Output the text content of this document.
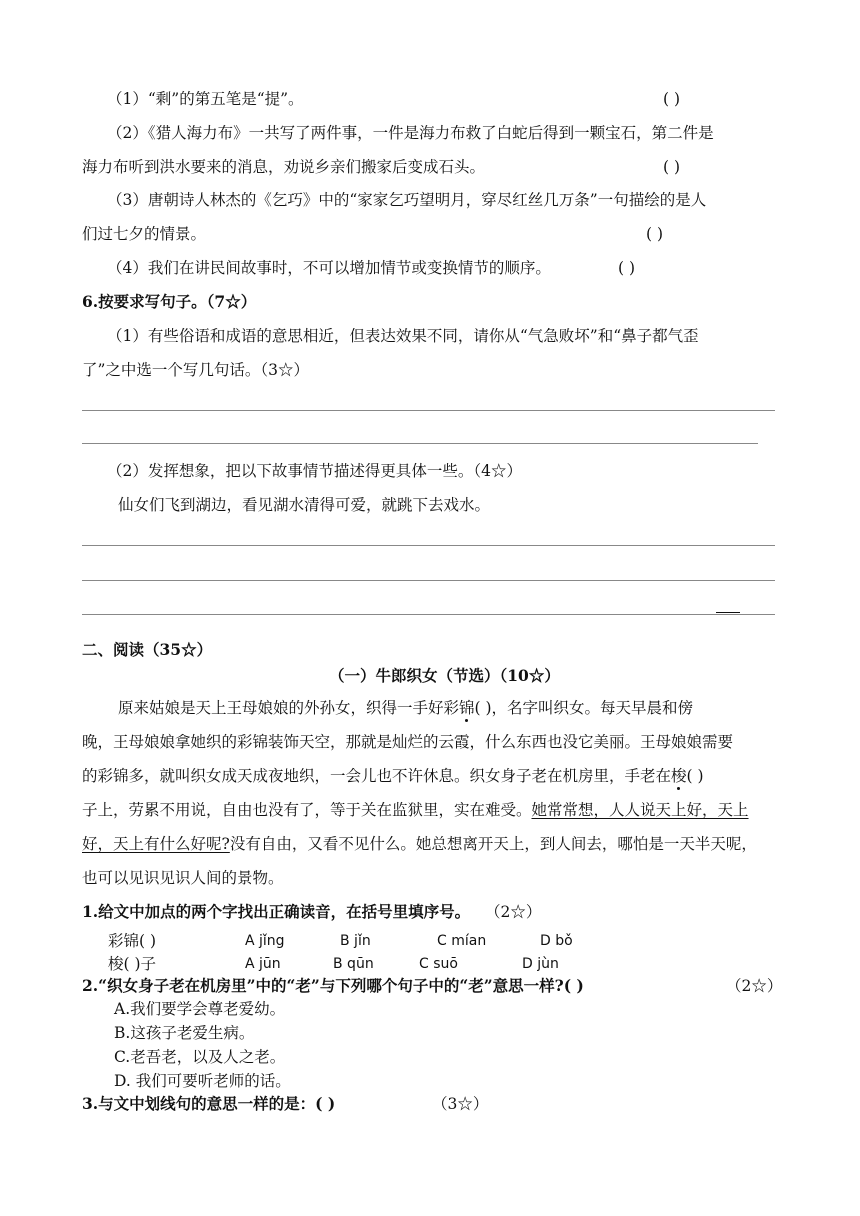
（1）“剩”的第五笔是“提”。	( )
（2）《猎人海力布》一共写了两件事，一件是海力布救了白蛇后得到一颗宝石，第二件是
海力布听到洪水要来的消息，劝说乡亲们搬家后变成石头。	( )
（3）唐朝诗人林杰的《乞巧》中的“家家乞巧望明月，穿尽红丝几万条”一句描绘的是人
们过七夕的情景。	( )
（4）我们在讲民间故事时，不可以增加情节或变换情节的顺序。	( )
6.按要求写句子。（7☆）
（1）有些俗语和成语的意思相近，但表达效果不同，请你从“气急败坏”和“鼻子都气歪
了”之中选一个写几句话。（3☆）
（2）发挥想象，把以下故事情节描述得更具体一些。（4☆）
仙女们飞到湖边，看见湖水清得可爱，就跳下去戏水。
二、阅读（35☆）
（一）牛郎织女（节选）（10☆）
原来姑娘是天上王母娘娘的外孙女，织得一手好彩锦( )，名字叫织女。每天早晨和傍
晚，王母娘娘拿她织的彩锦装饰天空，那就是灿烂的云霞，什么东西也没它美丽。王母娘娘需要
的彩锦多，就叫织女成天成夜地织，一会儿也不许休息。织女身子老在机房里，手老在梭( )
子上，劳累不用说，自由也没有了，等于关在监狱里，实在难受。她常常想，人人说天上好，天上
好，天上有什么好呢?没有自由，又看不见什么。她总想离开天上，到人间去，哪怕是一天半天呢，
也可以见识见识人间的景物。
1.给文中加点的两个字找出正确读音，在括号里填序号。 （2☆）
彩锦( )	A jǐng	B jǐn	C mían	D bǒ
梭( )子	A jūn	B qūn	C suō	D jùn
2.“织女身子老在机房里”中的“老”与下列哪个句子中的“老”意思一样?( )	（2☆）
A.我们要学会尊老爱幼。
B.这孩子老爱生病。
C.老吾老，以及人之老。
D. 我们可要听老师的话。
3.与文中划线句的意思一样的是：( )	（3☆）
